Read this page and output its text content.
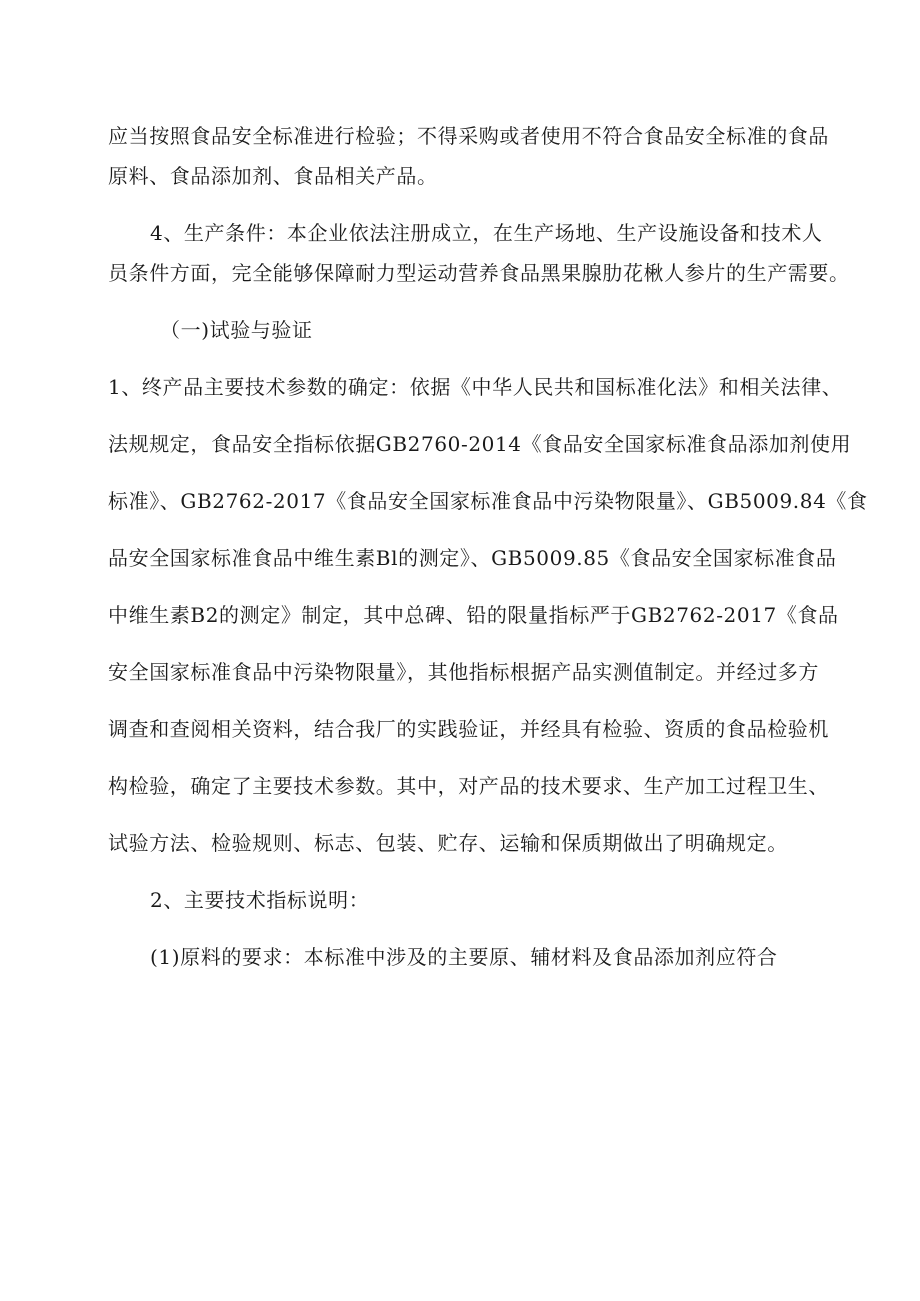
应当按照食品安全标准进行检验；不得采购或者使用不符合食品安全标准的食品
原料、食品添加剂、食品相关产品。
4、生产条件：本企业依法注册成立，在生产场地、生产设施设备和技术人
员条件方面，完全能够保障耐力型运动营养食品黑果腺肋花楸人参片的生产需要。
（一)试验与验证
1、终产品主要技术参数的确定：依据《中华人民共和国标准化法》和相关法律、
法规规定，食品安全指标依据GB2760-2014《食品安全国家标准食品添加剂使用
标准》、GB2762-2017《食品安全国家标准食品中污染物限量》、GB5009.84《食
品安全国家标准食品中维生素Bl的测定》、GB5009.85《食品安全国家标准食品
中维生素B2的测定》制定，其中总碑、铅的限量指标严于GB2762-2017《食品
安全国家标准食品中污染物限量》，其他指标根据产品实测值制定。并经过多方
调查和查阅相关资料，结合我厂的实践验证，并经具有检验、资质的食品检验机
构检验，确定了主要技术参数。其中，对产品的技术要求、生产加工过程卫生、
试验方法、检验规则、标志、包装、贮存、运输和保质期做出了明确规定。
2、主要技术指标说明：
(1)原料的要求：本标准中涉及的主要原、辅材料及食品添加剂应符合
